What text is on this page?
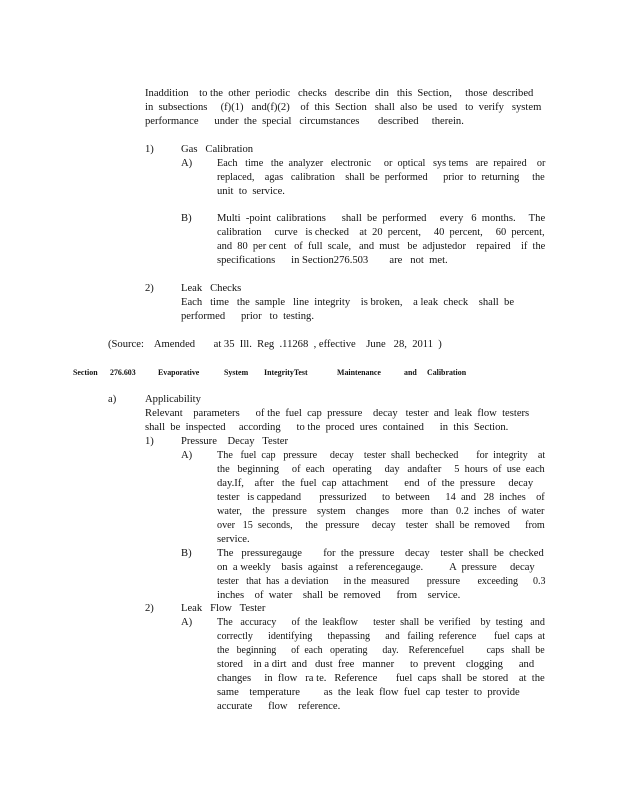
Inaddition    to the  other  periodic   checks   describe  din   this  Section,     those  described

in  subsections     (f)(1)   and(f)(2)    of  this  Section   shall  also  be  used   to  verify   system

performance      under  the  special   circumstances       described     therein.

1)	Gas   Calibration

A) Each   time   the  analyzer   electronic     or  optical   sys tems   are  repaired    or

replaced,    agas   calibration    shall  be  performed      prior  to  returning     the

unit  to  service.

B) Multi  -point  calibrations      shall  be  performed     every   6  months.     The

calibration     curve   is checked    at  20  percent,     40  percent,     60  percent,

and  80  per cent   of  full  scale,   and  must   be  adjustedor    repaired    if  the

specifications      in Section276.503        are   not  met.

2)	Leak   Checks

Each   time   the  sample   line  integrity    is broken,    a leak  check    shall  be

performed      prior   to  testing.

(Source:    Amended       at 35  Ill.  Reg  .11268  , effective    June   28,  2011  )

Section 276.603	Evaporative	System IntegrityTest	Maintenance	and Calibration

a)	Applicability

Relevant    parameters      of the  fuel  cap  pressure    decay   tester  and  leak  flow  testers

shall  be  inspected     according      to the  proced  ures  contained      in  this  Section.

1)	Pressure    Decay   Tester

A) The   fuel  cap   pressure     decay    tester  shall  bechecked       for  integrity    at

the   beginning     of  each   operating     day   andafter     5  hours  of  use  each

day.If,    after   the  fuel  cap  attachment      end   of  the  pressure     decay

tester   is cappedand       pressurized      to  between      14  and   28  inches    of

water,    the   pressure    system    changes     more   than   0.2  inches   of  water

over   15  seconds,     the   pressure     decay    tester   shall  be  removed      from

service.

B) The   pressuregauge        for  the  pressure    decay    tester  shall  be  checked

on  a weekly    basis  against    a referencegauge.          A  pressure     decay

tester   that  has  a deviation      in the  measured       pressure       exceeding      0.3

inches    of  water    shall  be  removed      from    service.

2)	Leak   Flow   Tester

A) The   accuracy      of  the  leakflow      tester  shall  be  verified    by  testing   and

correctly      identifying      thepassing      and   failing  reference       fuel  caps  at

the   beginning      of  each   operating      day.    Referencefuel         caps   shall  be

stored    in a dirt  and   dust  free   manner      to  prevent    clogging      and

changes     in  flow   ra te.   Reference       fuel  caps  shall  be  stored    at  the

same    temperature         as  the  leak  flow  fuel  cap  tester  to  provide

accurate      flow    reference.
